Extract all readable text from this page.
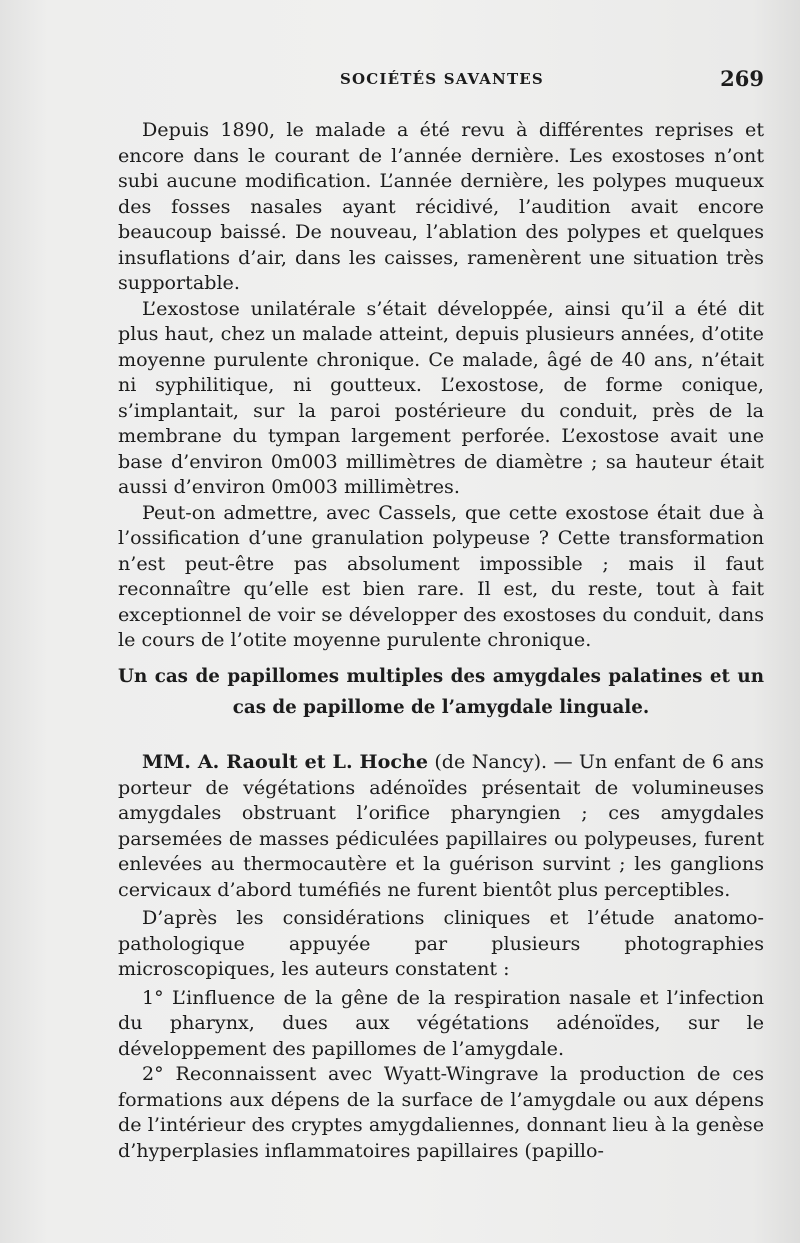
SOCIÉTÉS SAVANTES	269

Depuis 1890, le malade a été revu à différentes reprises et encore dans le courant de l’année dernière. Les exostoses n’ont subi aucune modification. L’année dernière, les polypes muqueux des fosses nasales ayant récidivé, l’audition avait encore beaucoup baissé. De nouveau, l’ablation des polypes et quelques insuflations d’air, dans les caisses, ramenèrent une situation très supportable.

L’exostose unilatérale s’était développée, ainsi qu’il a été dit plus haut, chez un malade atteint, depuis plusieurs années, d’otite moyenne purulente chronique. Ce malade, âgé de 40 ans, n’était ni syphilitique, ni goutteux. L’exostose, de forme conique, s’implantait, sur la paroi postérieure du conduit, près de la membrane du tympan largement perforée. L’exostose avait une base d’environ 0m003 millimètres de diamètre ; sa hauteur était aussi d’environ 0m003 millimètres.

Peut-on admettre, avec Cassels, que cette exostose était due à l’ossification d’une granulation polypeuse ? Cette transformation n’est peut-être pas absolument impossible ; mais il faut reconnaître qu’elle est bien rare. Il est, du reste, tout à fait exceptionnel de voir se développer des exostoses du conduit, dans le cours de l’otite moyenne purulente chronique.

Un cas de papillomes multiples des amygdales palatines et un
cas de papillome de l’amygdale linguale.

MM. A. Raoult et L. Hoche (de Nancy). — Un enfant de 6 ans porteur de végétations adénoïdes présentait de volumineuses amygdales obstruant l’orifice pharyngien ; ces amygdales parsemées de masses pédiculées papillaires ou polypeuses, furent enlevées au thermocautère et la guérison survint ; les ganglions cervicaux d’abord tuméfiés ne furent bientôt plus perceptibles.

D’après les considérations cliniques et l’étude anatomo-pathologique appuyée par plusieurs photographies microscopiques, les auteurs constatent :

1° L’influence de la gêne de la respiration nasale et l’infection du pharynx, dues aux végétations adénoïdes, sur le développement des papillomes de l’amygdale.

2° Reconnaissent avec Wyatt-Wingrave la production de ces formations aux dépens de la surface de l’amygdale ou aux dépens de l’intérieur des cryptes amygdaliennes, donnant lieu à la genèse d’hyperplasies inflammatoires papillaires (papillo-
